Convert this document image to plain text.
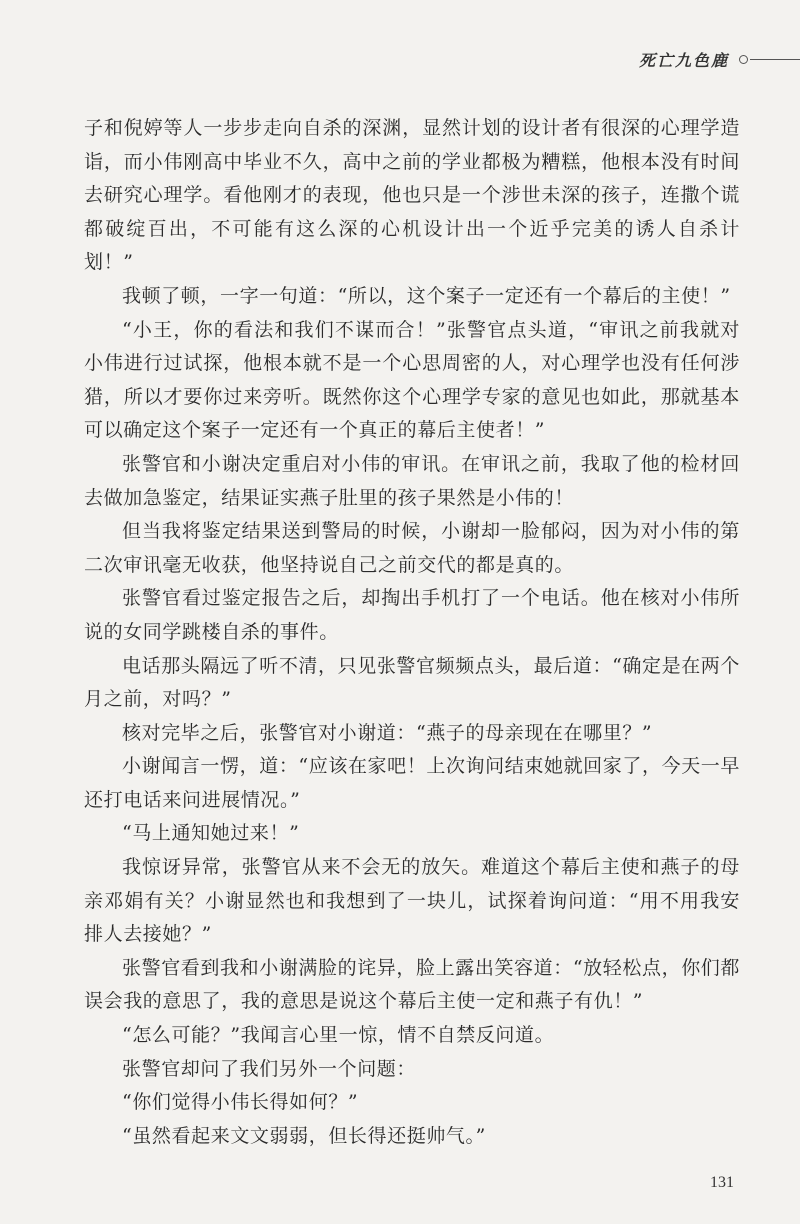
死亡九色鹿

子和倪婷等人一步步走向自杀的深渊，显然计划的设计者有很深的心理学造诣，而小伟刚高中毕业不久，高中之前的学业都极为糟糕，他根本没有时间去研究心理学。看他刚才的表现，他也只是一个涉世未深的孩子，连撒个谎都破绽百出，不可能有这么深的心机设计出一个近乎完美的诱人自杀计划！”

我顿了顿，一字一句道：“所以，这个案子一定还有一个幕后的主使！”

“小王，你的看法和我们不谋而合！”张警官点头道，“审讯之前我就对小伟进行过试探，他根本就不是一个心思周密的人，对心理学也没有任何涉猎，所以才要你过来旁听。既然你这个心理学专家的意见也如此，那就基本可以确定这个案子一定还有一个真正的幕后主使者！”

张警官和小谢决定重启对小伟的审讯。在审讯之前，我取了他的检材回去做加急鉴定，结果证实燕子肚里的孩子果然是小伟的！

但当我将鉴定结果送到警局的时候，小谢却一脸郁闷，因为对小伟的第二次审讯毫无收获，他坚持说自己之前交代的都是真的。

张警官看过鉴定报告之后，却掏出手机打了一个电话。他在核对小伟所说的女同学跳楼自杀的事件。

电话那头隔远了听不清，只见张警官频频点头，最后道：“确定是在两个月之前，对吗？”

核对完毕之后，张警官对小谢道：“燕子的母亲现在在哪里？”

小谢闻言一愣，道：“应该在家吧！上次询问结束她就回家了，今天一早还打电话来问进展情况。”

“马上通知她过来！”

我惊讶异常，张警官从来不会无的放矢。难道这个幕后主使和燕子的母亲邓娟有关？小谢显然也和我想到了一块儿，试探着询问道：“用不用我安排人去接她？”

张警官看到我和小谢满脸的诧异，脸上露出笑容道：“放轻松点，你们都误会我的意思了，我的意思是说这个幕后主使一定和燕子有仇！”

“怎么可能？”我闻言心里一惊，情不自禁反问道。

张警官却问了我们另外一个问题：

“你们觉得小伟长得如何？”

“虽然看起来文文弱弱，但长得还挺帅气。”

131
